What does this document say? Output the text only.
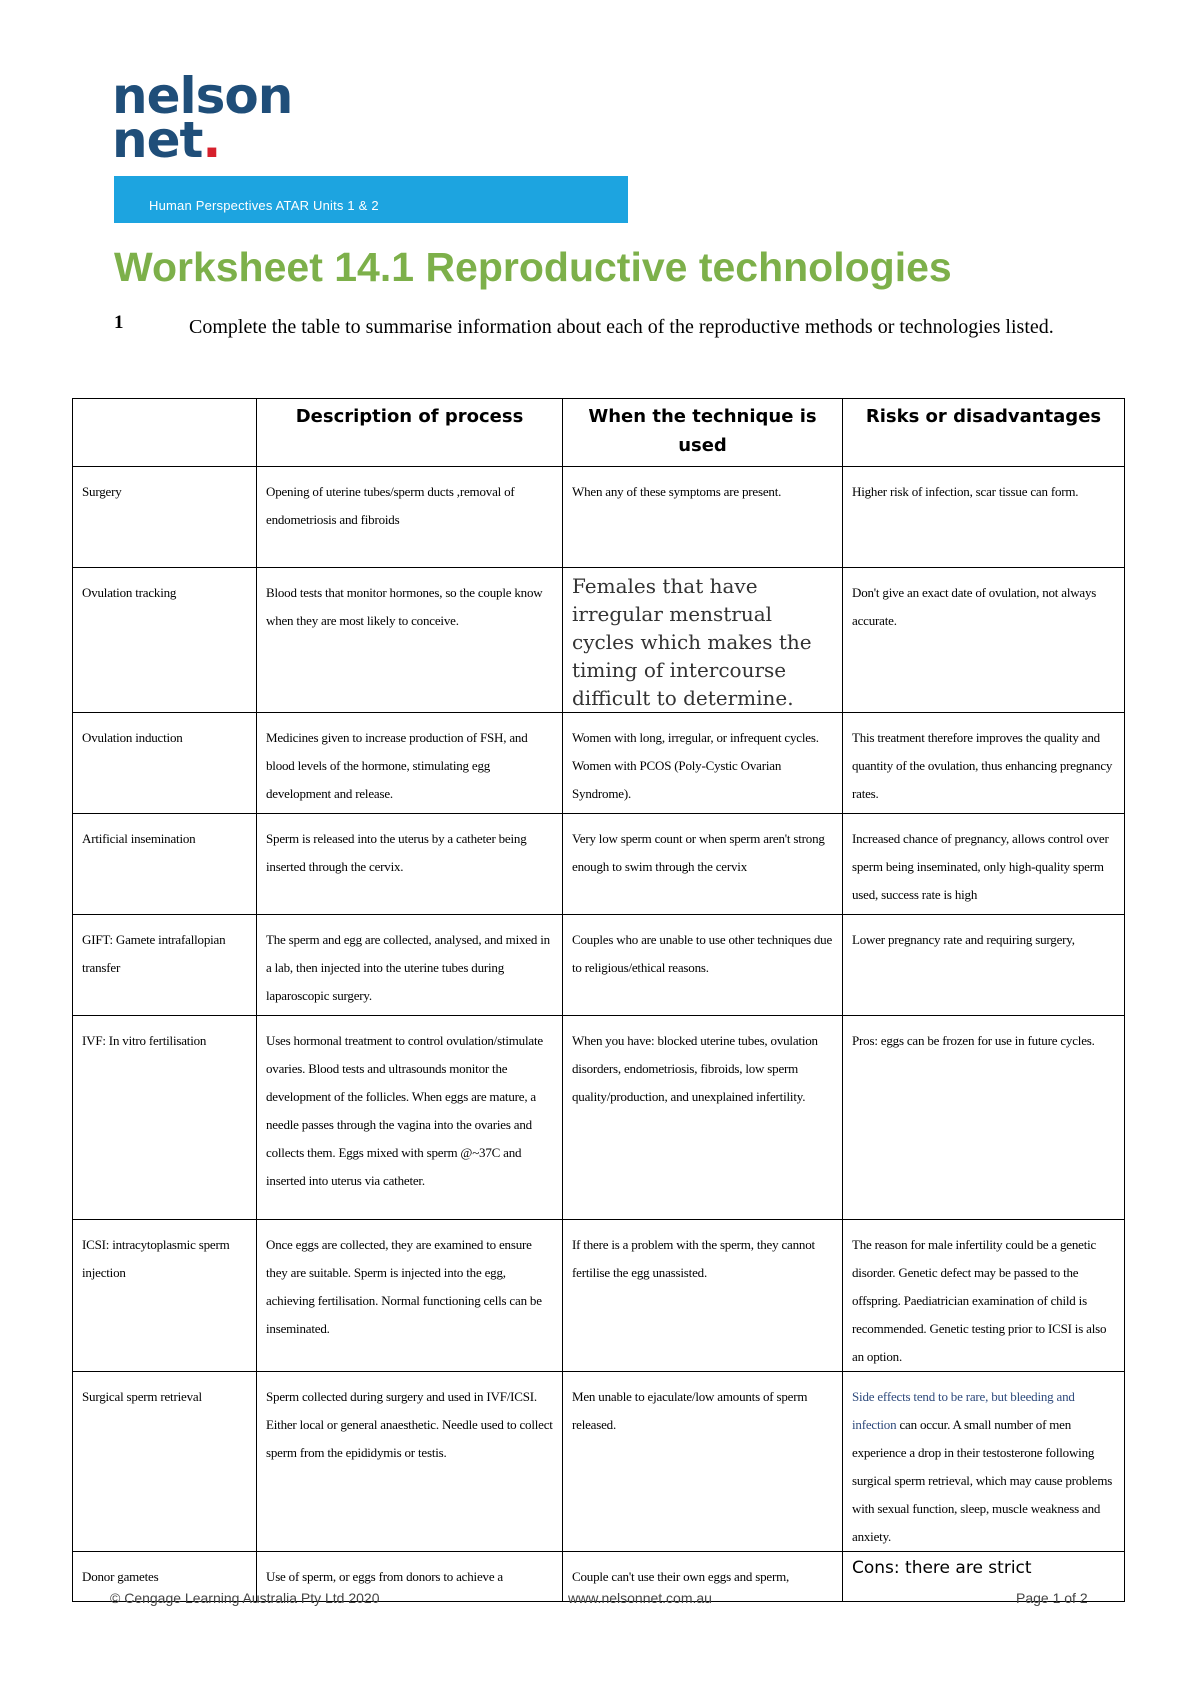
nelson
net.
Human Perspectives ATAR Units 1 & 2
Worksheet 14.1 Reproductive technologies
1	Complete the table to summarise information about each of the reproductive methods or technologies listed.
	Description of process	When the technique is used	Risks or disadvantages
Surgery	Opening of uterine tubes/sperm ducts ,removal of endometriosis and fibroids	When any of these symptoms are present.	Higher risk of infection, scar tissue can form.
Ovulation tracking	Blood tests that monitor hormones, so the couple know when they are most likely to conceive.	Females that have irregular menstrual cycles which makes the timing of intercourse difficult to determine.	Don't give an exact date of ovulation, not always accurate.
Ovulation induction	Medicines given to increase production of FSH, and blood levels of the hormone, stimulating egg development and release.	Women with long, irregular, or infrequent cycles. Women with PCOS (Poly-Cystic Ovarian Syndrome).	This treatment therefore improves the quality and quantity of the ovulation, thus enhancing pregnancy rates.
Artificial insemination	Sperm is released into the uterus by a catheter being inserted through the cervix.	Very low sperm count or when sperm aren't strong enough to swim through the cervix	Increased chance of pregnancy, allows control over sperm being inseminated, only high-quality sperm used, success rate is high
GIFT: Gamete intrafallopian transfer	The sperm and egg are collected, analysed, and mixed in a lab, then injected into the uterine tubes during laparoscopic surgery.	Couples who are unable to use other techniques due to religious/ethical reasons.	Lower pregnancy rate and requiring surgery,
IVF: In vitro fertilisation	Uses hormonal treatment to control ovulation/stimulate ovaries. Blood tests and ultrasounds monitor the development of the follicles. When eggs are mature, a needle passes through the vagina into the ovaries and collects them. Eggs mixed with sperm @~37C and inserted into uterus via catheter.	When you have: blocked uterine tubes, ovulation disorders, endometriosis, fibroids, low sperm quality/production, and unexplained infertility.	Pros: eggs can be frozen for use in future cycles.
ICSI: intracytoplasmic sperm injection	Once eggs are collected, they are examined to ensure they are suitable. Sperm is injected into the egg, achieving fertilisation. Normal functioning cells can be inseminated.	If there is a problem with the sperm, they cannot fertilise the egg unassisted.	The reason for male infertility could be a genetic disorder. Genetic defect may be passed to the offspring. Paediatrician examination of child is recommended. Genetic testing prior to ICSI is also an option.
Surgical sperm retrieval	Sperm collected during surgery and used in IVF/ICSI. Either local or general anaesthetic. Needle used to collect sperm from the epididymis or testis.	Men unable to ejaculate/low amounts of sperm released.	Side effects tend to be rare, but bleeding and infection can occur. A small number of men experience a drop in their testosterone following surgical sperm retrieval, which may cause problems with sexual function, sleep, muscle weakness and anxiety.
Donor gametes	Use of sperm, or eggs from donors to achieve a	Couple can't use their own eggs and sperm,	Cons: there are strict
© Cengage Learning Australia Pty Ltd 2020	www.nelsonnet.com.au	Page 1 of 2
